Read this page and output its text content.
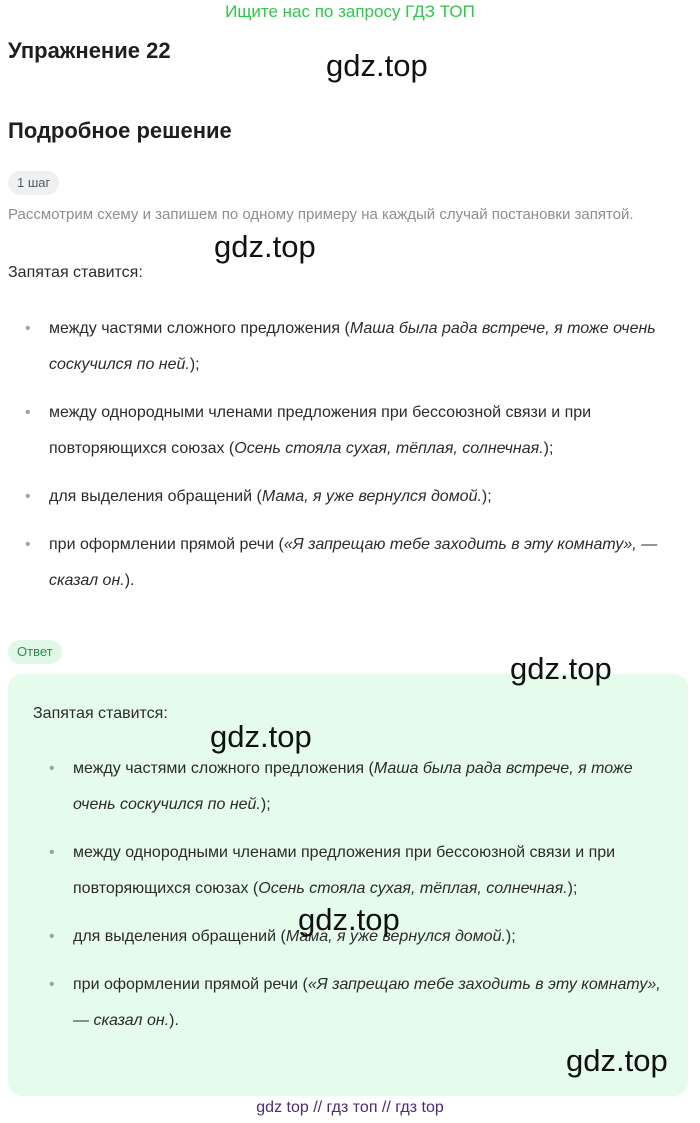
Ищите нас по запросу ГДЗ ТОП
Упражнение 22	gdz.top
Подробное решение
1 шаг
Рассмотрим схему и запишем по одному примеру на каждый случай постановки запятой.
gdz.top
Запятая ставится:
• между частями сложного предложения (Маша была рада встрече, я тоже очень соскучился по ней.);
• между однородными членами предложения при бессоюзной связи и при повторяющихся союзах (Осень стояла сухая, тёплая, солнечная.);
• для выделения обращений (Мама, я уже вернулся домой.);
• при оформлении прямой речи («Я запрещаю тебе заходить в эту комнату», — сказал он.).
Ответ
Запятая ставится:
• между частями сложного предложения (Маша была рада встрече, я тоже очень соскучился по ней.);
• между однородными членами предложения при бессоюзной связи и при повторяющихся союзах (Осень стояла сухая, тёплая, солнечная.);
• для выделения обращений (Мама, я уже вернулся домой.);
• при оформлении прямой речи («Я запрещаю тебе заходить в эту комнату», — сказал он.).
gdz.top
gdz.top
gdz.top
gdz.top
gdz top // гдз топ // гдз top
